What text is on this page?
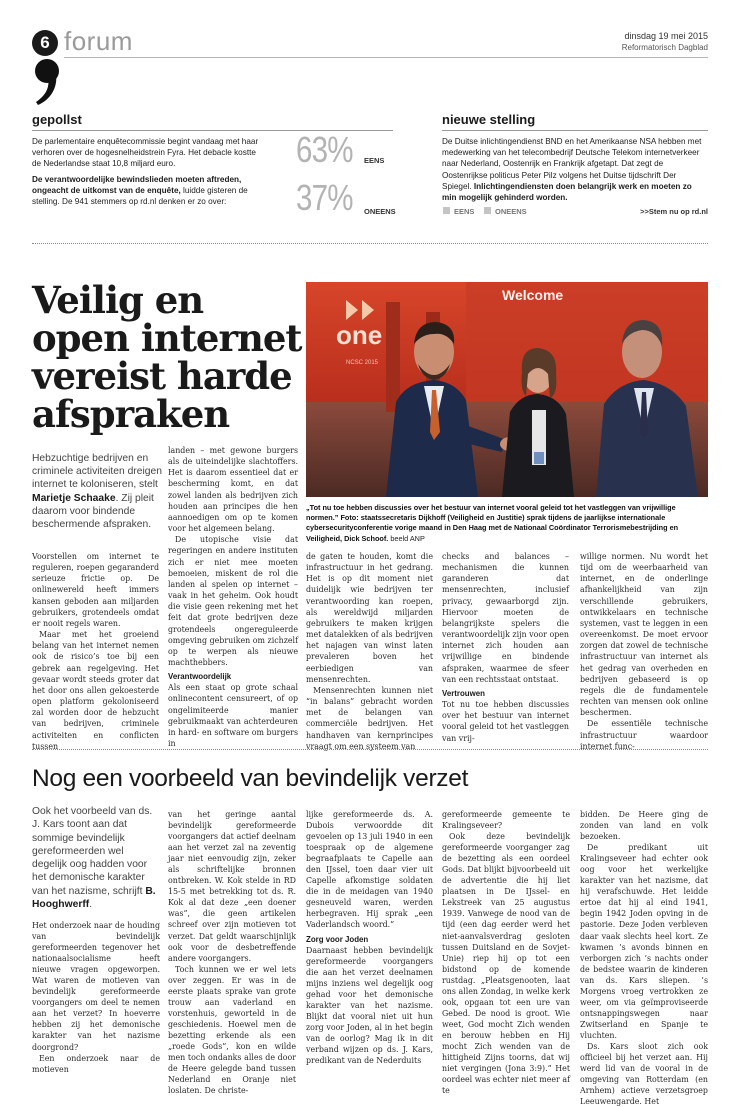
6 forum	dinsdag 19 mei 2015
Reformatorisch Dagblad
gepollst
De parlementaire enquêtecommissie begint vandaag met haar verhoren over de hogesnelheidstrein Fyra. Het debacle kostte de Nederlandse staat 10,8 miljard euro.
De verantwoordelijke bewindslieden moeten aftreden, ongeacht de uitkomst van de enquête, luidde gisteren de stelling. De 941 stemmers op rd.nl denken er zo over:
63% EENS
37% ONEENS
nieuwe stelling
De Duitse inlichtingendienst BND en het Amerikaanse NSA hebben met medewerking van het telecombedrijf Deutsche Telekom internetverkeer naar Nederland, Oostenrijk en Frankrijk afgetapt. Dat zegt de Oostenrijkse politicus Peter Pilz volgens het Duitse tijdschrift Der Spiegel. Inlichtingendiensten doen belangrijk werk en moeten zo min mogelijk gehinderd worden.
EENS	ONEENS	>>Stem nu op rd.nl
Veilig en open internet vereist harde afspraken
Hebzuchtige bedrijven en criminele activiteiten dreigen internet te koloniseren, stelt Marietje Schaake. Zij pleit daarom voor bindende beschermende afspraken.

Voorstellen om internet te reguleren, roepen gegaranderd serieuze frictie op. De onlinewereld heeft immers kansen geboden aan miljarden gebruikers, grotendeels omdat er nooit regels waren.

Maar met het groeiend belang van het internet nemen ook de risico’s toe bij een gebrek aan regelgeving. Het gevaar wordt steeds groter dat het door ons allen gekoesterde open platform gekoloniseerd zal worden door de hebzucht van bedrijven, criminele activiteiten en conflicten tussen

landen – met gewone burgers als de uiteindelijke slachtoffers. Het is daarom essentieel dat er bescherming komt, en dat zowel landen als bedrijven zich houden aan principes die hen aannoedigen om op te komen voor het algemeen belang.

De utopische visie dat regeringen en andere instituten zich er niet mee moeten bemoeien, miskent de rol die landen al spelen op internet – vaak in het geheim. Ook houdt die visie geen rekening met het feit dat grote bedrijven deze grotendeels ongereguleerde omgeving gebruiken om zichzelf op te werpen als nieuwe machthebbers.

Verantwoordelijk

Als een staat op grote schaal onlinecontent censureert, of op ongelimiteerde manier gebruikmaakt van achterdeuren in hard- en software om burgers in

de gaten te houden, komt die infrastructuur in het gedrang. Het is op dit moment niet duidelijk wie bedrijven ter verantwoording kan roepen, als wereldwijd miljarden gebruikers te maken krijgen met datalekken of als bedrijven het najagen van winst laten prevaleren boven het eerbiedigen van mensenrechten.

Mensenrechten kunnen niet “in balans” gebracht worden met de belangen van commerciële bedrijven. Het handhaven van kernprincipes vraagt om een systeem van

checks and balances – mechanismen die kunnen garanderen dat mensenrechten, inclusief privacy, gewaarborgd zijn. Hiervoor moeten de belangrijkste spelers die verantwoordelijk zijn voor open internet zich houden aan vrijwillige en bindende afspraken, waarmee de sfeer van een rechtsstaat ontstaat.

Vertrouwen

Tot nu toe hebben discussies over het bestuur van internet vooral geleid tot het vastleggen van vrij-

willige normen. Nu wordt het tijd om de weerbaarheid van internet, en de onderlinge afhankelijkheid van zijn verschillende gebruikers, ontwikkelaars en technische systemen, vast te leggen in een overeenkomst. De moet ervoor zorgen dat zowel de technische infrastructuur van internet als het gedrag van overheden en bedrijven gebaseerd is op regels die de fundamentele rechten van mensen ook online beschermen.

De essentiële technische infrastructuur waardoor internet func-

one
NCSC 2015
Welcome
„Tot nu toe hebben discussies over het bestuur van internet vooral geleid tot het vastleggen van vrijwillige normen.” Foto: staatssecretaris Dijkhoff (Veiligheid en Justitie) sprak tijdens de jaarlijkse internationale cybersecurityconferentie vorige maand in Den Haag met de Nationaal Coördinator Terrorismebestrijding en Veiligheid, Dick Schoof. beeld ANP
Nog een voorbeeld van bevindelijk verzet
Ook het voorbeeld van ds. J. Kars toont aan dat sommige bevindelijk gereformeerden wel degelijk oog hadden voor het demonische karakter van het nazisme, schrijft B. Hooghwerff.

Het onderzoek naar de houding van bevindelijk gereformeerden tegenover het nationaalsocialisme heeft nieuwe vragen opgeworpen. Wat waren de motieven van bevindelijk gereformeerde voorgangers om deel te nemen aan het verzet? In hoeverre hebben zij het demonische karakter van het nazisme doorgrond?

Een onderzoek naar de motieven

van het geringe aantal bevindelijk gereformeerde voorgangers dat actief deelnam aan het verzet zal na zeventig jaar niet eenvoudig zijn, zeker als schriftelijke bronnen ontbreken. W. Kok stelde in RD 15-5 met betrekking tot ds. R. Kok al dat deze „een doener was”, die geen artikelen schreef over zijn motieven tot verzet. Dat geldt waarschijnlijk ook voor de desbetreffende andere voorgangers.

Toch kunnen we er wel iets over zeggen. Er was in de eerste plaats sprake van grote trouw aan vaderland en vorstenhuis, geworteld in de geschiedenis. Hoewel men de bezetting erkende als een „roede Gods”, kon en wilde men toch ondanks alles de door de Heere gelegde band tussen Nederland en Oranje niet loslaten. De christe-

lijke gereformeerde ds. A. Dubois verwoordde dit gevoelen op 13 juli 1940 in een toespraak op de algemene begraafplaats te Capelle aan den IJssel, toen daar vier uit Capelle afkomstige soldaten die in de meidagen van 1940 gesneuveld waren, werden herbegraven. Hij sprak „een Vaderlandsch woord.”

Zorg voor Joden

Daarnaast hebben bevindelijk gereformeerde voorgangers die aan het verzet deelnamen mijns inziens wel degelijk oog gehad voor het demonische karakter van het nazisme. Blijkt dat vooral niet uit hun zorg voor Joden, al in het begin van de oorlog? Mag ik in dit verband wijzen op ds. J. Kars, predikant van de Nederduits

gereformeerde gemeente te Kralingseveer?

Ook deze bevindelijk gereformeerde voorganger zag de bezetting als een oordeel Gods. Dat blijkt bijvoorbeeld uit de advertentie die hij liet plaatsen in De IJssel- en Lekstreek van 25 augustus 1939. Vanwege de nood van de tijd (een dag eerder werd het niet-aanvalsverdrag gesloten tussen Duitsland en de Sovjet-Unie) riep hij op tot een bidstond op de komende rustdag. „Pleatsgenooten, laat ons allen Zondag, in welke kerk ook, opgaan tot een ure van Gebed. De nood is groot. Wie weet, God mocht Zich wenden en berouw hebben en Hij mocht Zich wenden van de hittigheid Zijns toorns, dat wij niet vergingen (Jona 3:9).” Het oordeel was echter niet meer af te

bidden. De Heere ging de zonden van land en volk bezoeken.

De predikant uit Kralingseveer had echter ook oog voor het werkelijke karakter van het nazisme, dat hij verafschuwde. Het leidde ertoe dat hij al eind 1941, begin 1942 Joden opving in de pastorie. Deze Joden verbleven daar vaak slechts heel kort. Ze kwamen ’s avonds binnen en verborgen zich ’s nachts onder de bedstee waarin de kinderen van ds. Kars sliepen. ’s Morgens vroeg vertrokken ze weer, om via geïmproviseerde ontsnappingswegen naar Zwitserland en Spanje te vluchten.

Ds. Kars sloot zich ook officieel bij het verzet aan. Hij werd lid van de vooral in de omgeving van Rotterdam (en Arnhem) actieve verzetsgroep Leeuwengarde. Het
